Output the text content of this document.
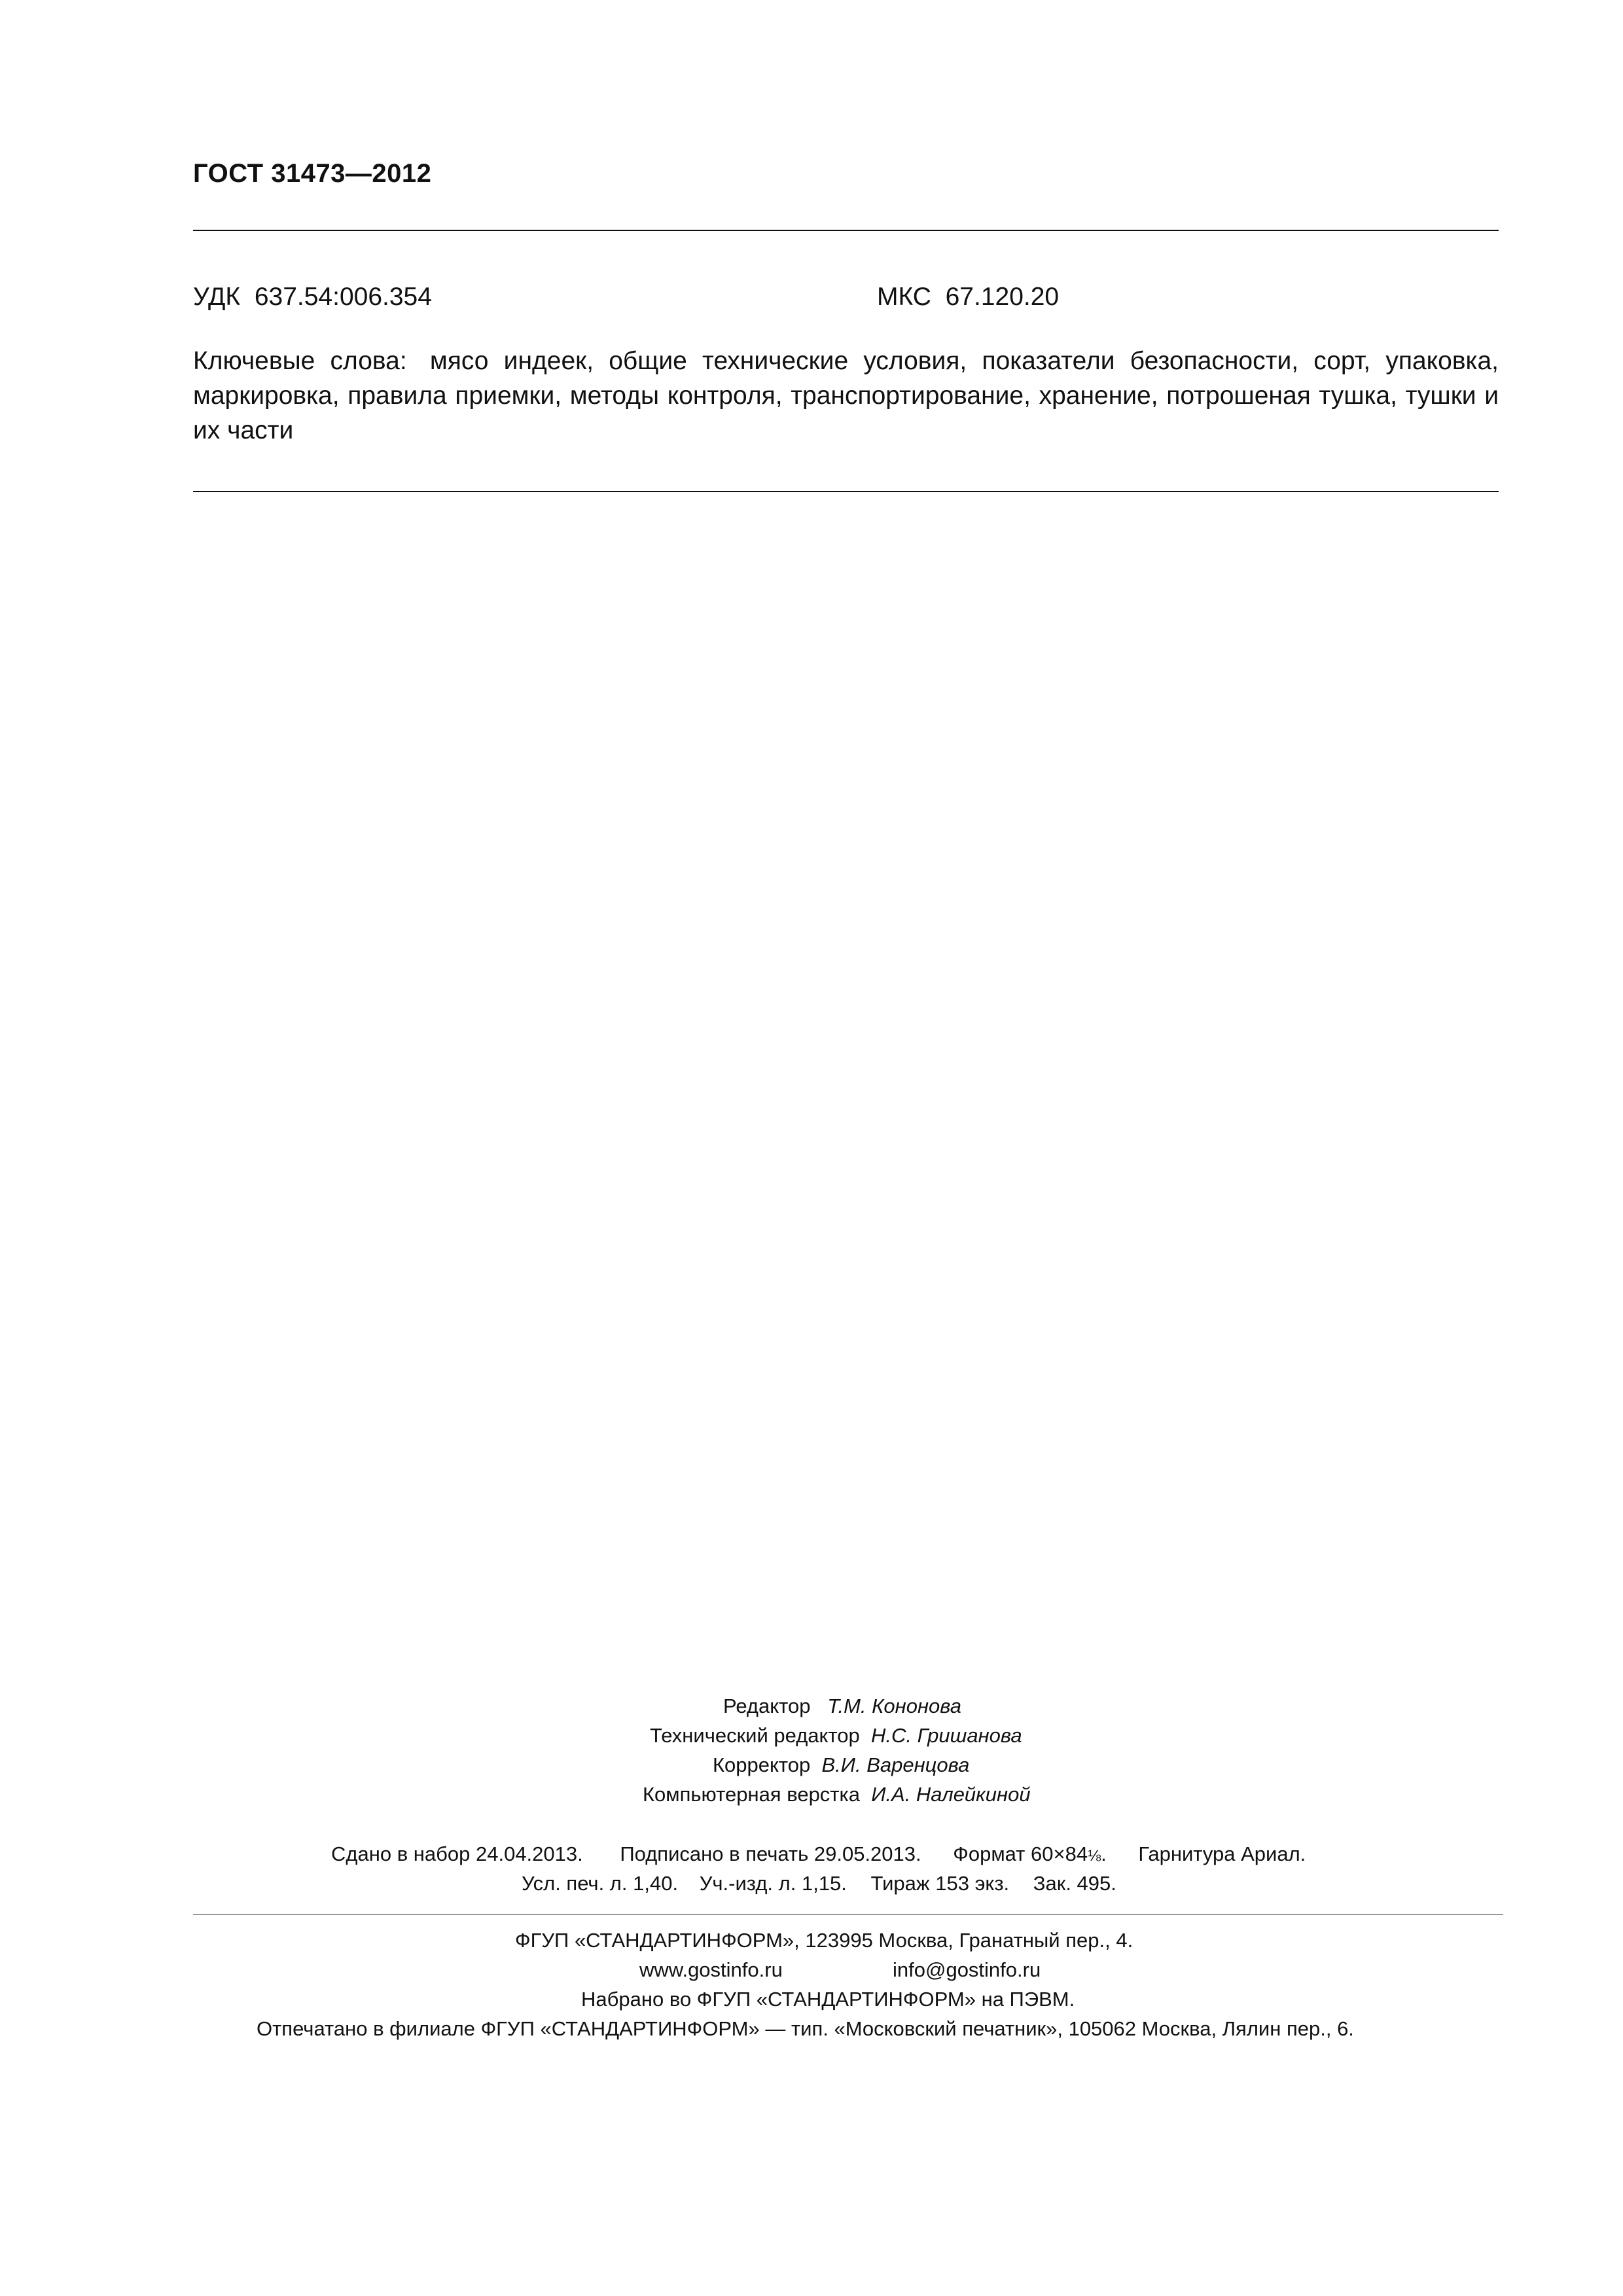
ГОСТ 31473—2012
УДК 637.54:006.354	МКС 67.120.20
Ключевые слова: мясо индеек, общие технические условия, показатели безопасности, сорт, упаковка, маркировка, правила приемки, методы контроля, транспортирование, хранение, потрошеная тушка, тушки и их части
Редактор Т.М. Кононова
Технический редактор Н.С. Гришанова
Корректор В.И. Варенцова
Компьютерная верстка И.А. Налейкиной
Сдано в набор 24.04.2013. Подписано в печать 29.05.2013. Формат 60×84⅛. Гарнитура Ариал.
Усл. печ. л. 1,40. Уч.-изд. л. 1,15. Тираж 153 экз. Зак. 495.
ФГУП «СТАНДАРТИНФОРМ», 123995 Москва, Гранатный пер., 4.
www.gostinfo.ru	info@gostinfo.ru
Набрано во ФГУП «СТАНДАРТИНФОРМ» на ПЭВМ.
Отпечатано в филиале ФГУП «СТАНДАРТИНФОРМ» — тип. «Московский печатник», 105062 Москва, Лялин пер., 6.
